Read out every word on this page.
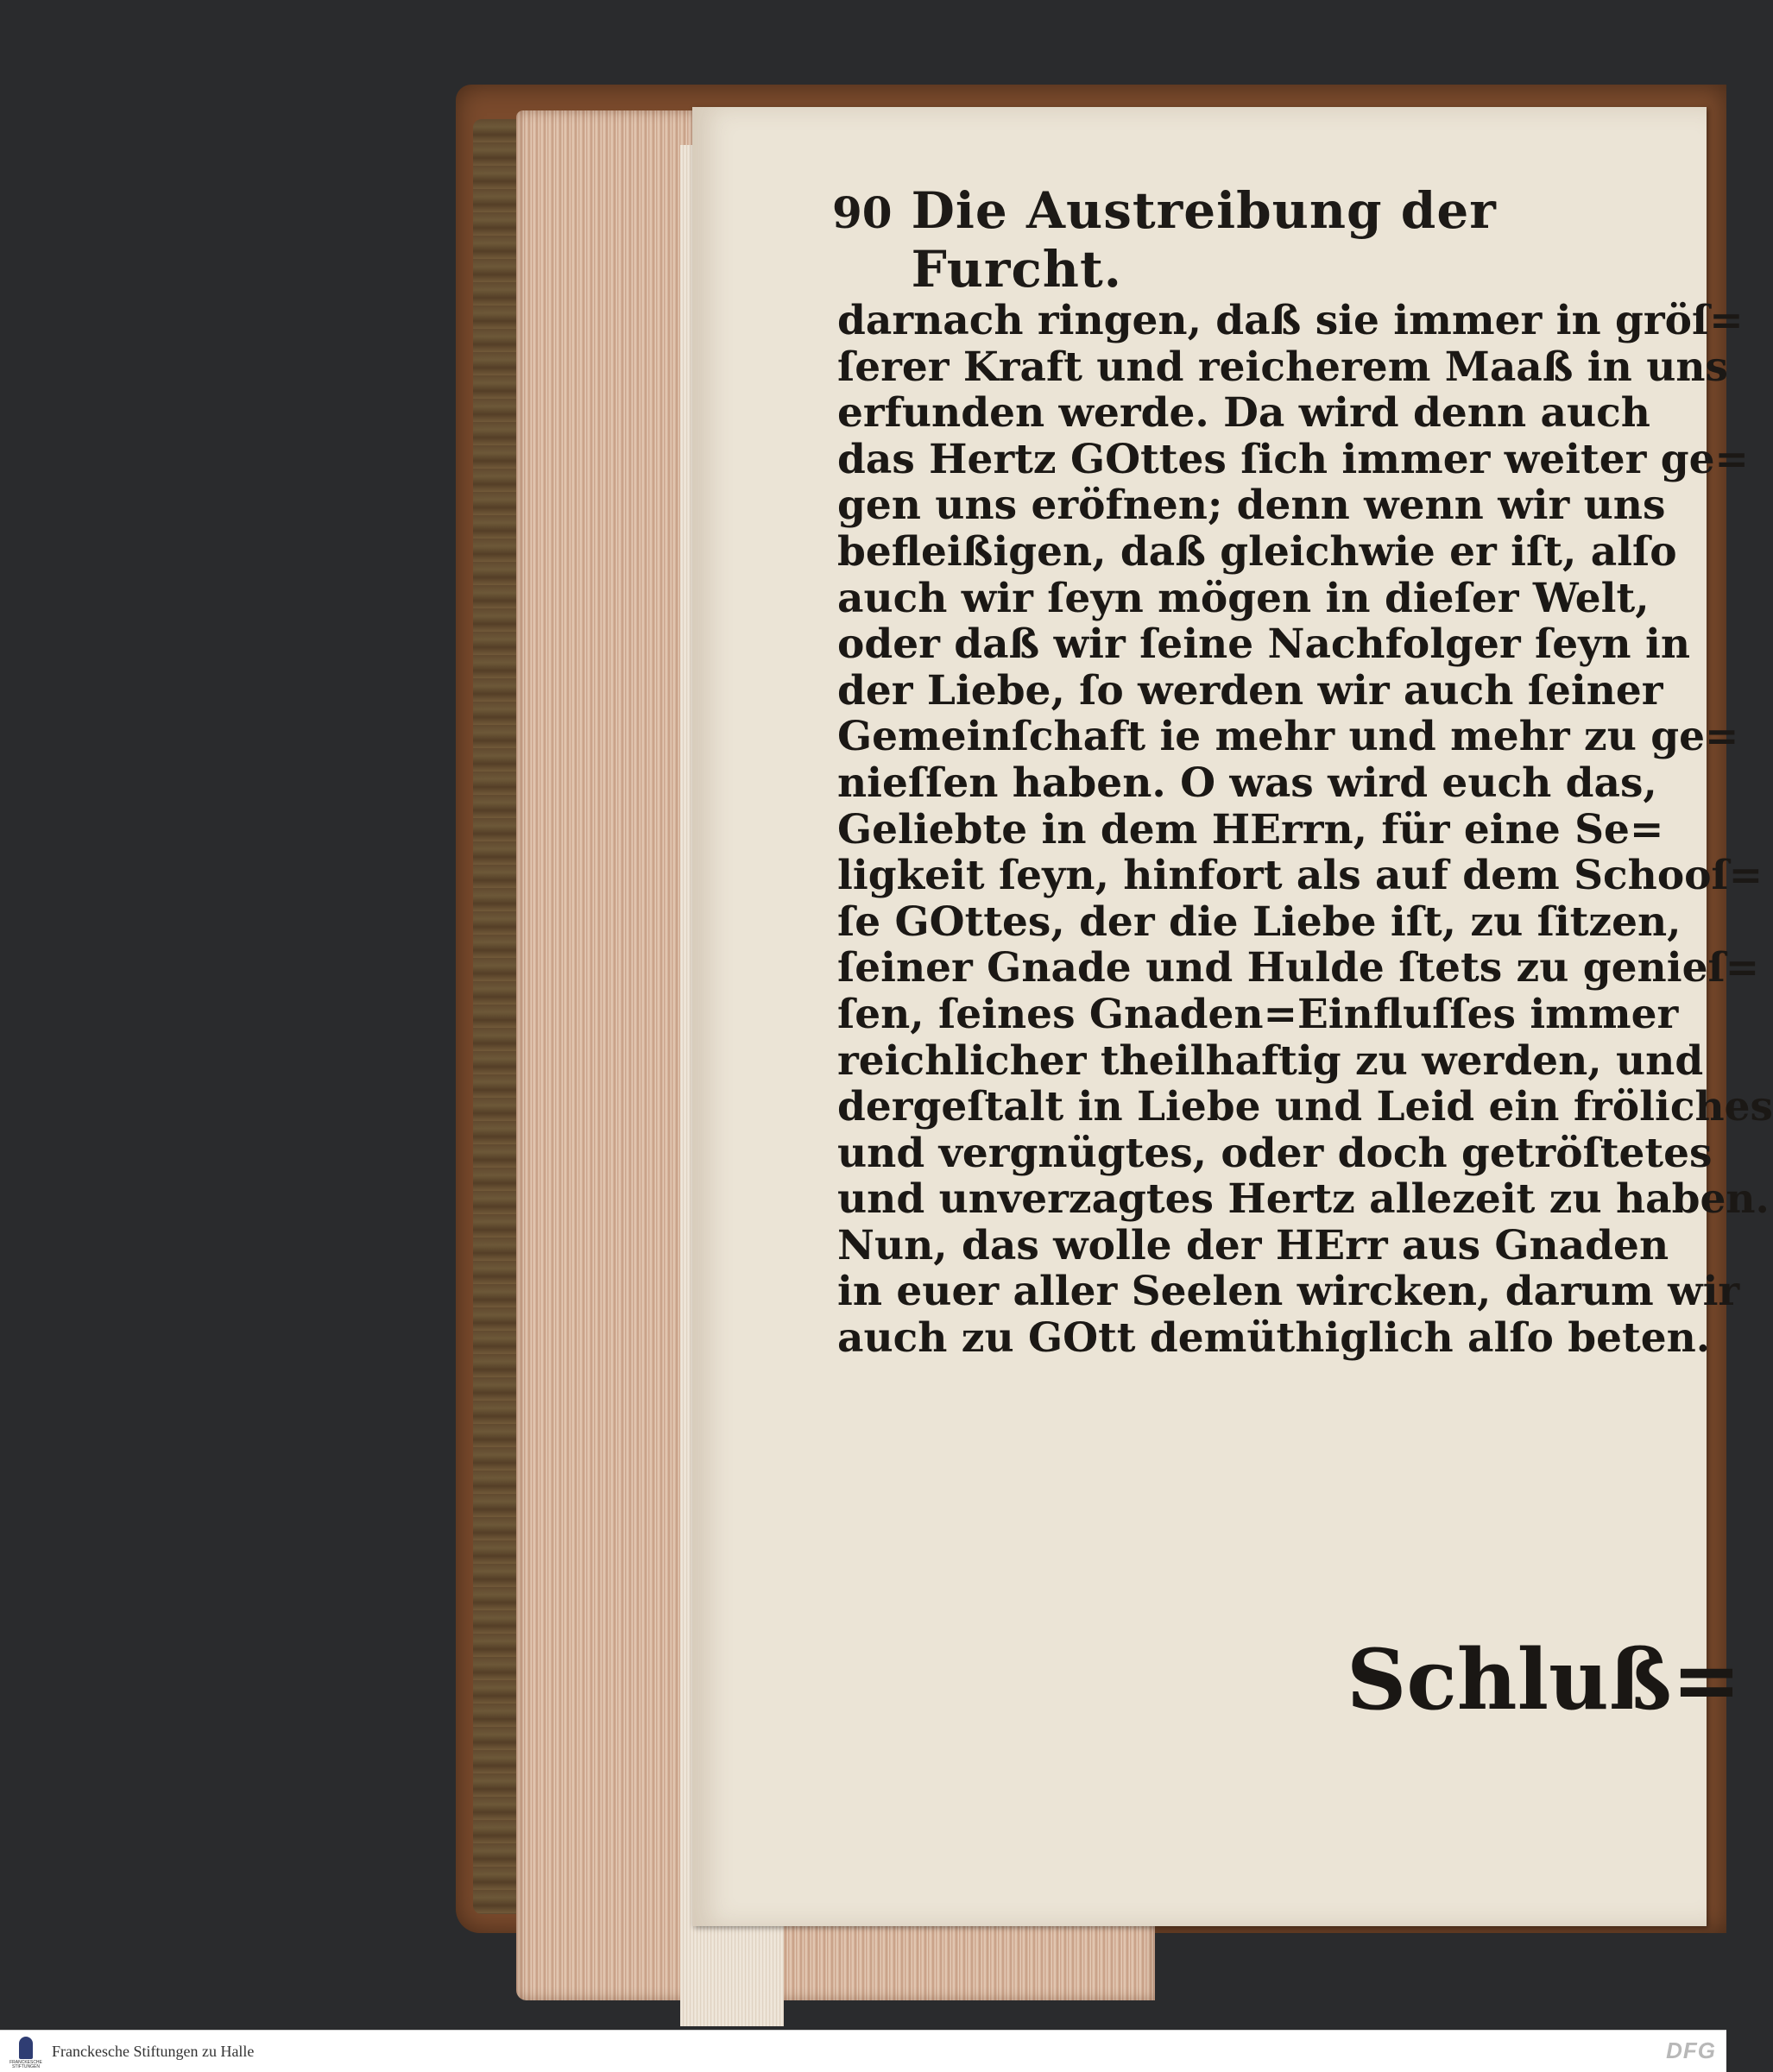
90 Die Austreibung der Furcht.
darnach ringen, daß sie immer in gröſ=
ſerer Kraft und reicherem Maaß in uns
erfunden werde. Da wird denn auch
das Hertz GOttes ſich immer weiter ge=
gen uns eröfnen; denn wenn wir uns
befleißigen, daß gleichwie er iſt, alſo
auch wir ſeyn mögen in dieſer Welt,
oder daß wir ſeine Nachfolger ſeyn in
der Liebe, ſo werden wir auch ſeiner
Gemeinſchaft ie mehr und mehr zu ge=
nieſſen haben. O was wird euch das,
Geliebte in dem HErrn, für eine Se=
ligkeit ſeyn, hinfort als auf dem Schooſ=
ſe GOttes, der die Liebe iſt, zu ſitzen,
ſeiner Gnade und Hulde ſtets zu genieſ=
ſen, ſeines Gnaden=Einfluſſes immer
reichlicher theilhaftig zu werden, und
dergeſtalt in Liebe und Leid ein fröliches
und vergnügtes, oder doch getröſtetes
und unverzagtes Hertz allezeit zu haben.
Nun, das wolle der HErr aus Gnaden
in euer aller Seelen wircken, darum wir
auch zu GOtt demüthiglich alſo beten.
Schluß=
FRANCKESCHE STIFTUNGEN
Franckesche Stiftungen zu Halle	DFG
